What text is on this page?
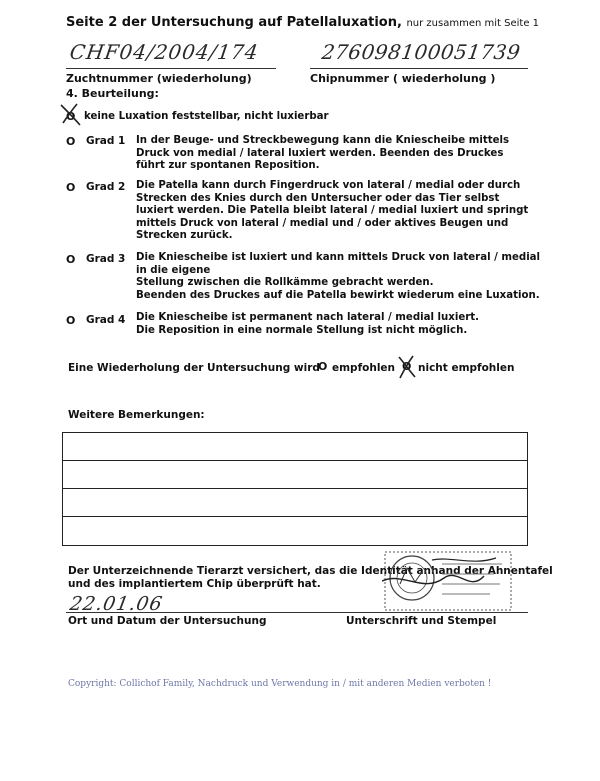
Seite 2 der Untersuchung auf Patellaluxation, nur zusammen mit Seite 1
CHF04/2004/174	276098100051739
Zuchtnummer (wiederholung)	Chipnummer ( wiederholung )
4. Beurteilung:
O keine Luxation feststellbar, nicht luxierbar
O Grad 1 In der Beuge- und Streckbewegung kann die Kniescheibe mittels
Druck von medial / lateral luxiert werden. Beenden des Druckes
führt zur spontanen Reposition.
O Grad 2 Die Patella kann durch Fingerdruck von lateral / medial oder durch
Strecken des Knies durch den Untersucher oder das Tier selbst
luxiert werden. Die Patella bleibt lateral / medial luxiert und springt
mittels Druck von lateral / medial und / oder aktives Beugen und
Strecken zurück.
O Grad 3 Die Kniescheibe ist luxiert und kann mittels Druck von lateral / medial
in die eigene
Stellung zwischen die Rollkämme gebracht werden.
Beenden des Druckes auf die Patella bewirkt wiederum eine Luxation.
O Grad 4 Die Kniescheibe ist permanent nach lateral / medial luxiert.
Die Reposition in eine normale Stellung ist nicht möglich.
Eine Wiederholung der Untersuchung wird
O empfohlen O nicht empfohlen
Weitere Bemerkungen:
Der Unterzeichnende Tierarzt versichert, das die Identität anhand der Ahnentafel
und des implantiertem Chip überprüft hat.
22.01.06
Ort und Datum der Untersuchung	Unterschrift und Stempel
Copyright: Collichof Family, Nachdruck und Verwendung in / mit anderen Medien verboten !
